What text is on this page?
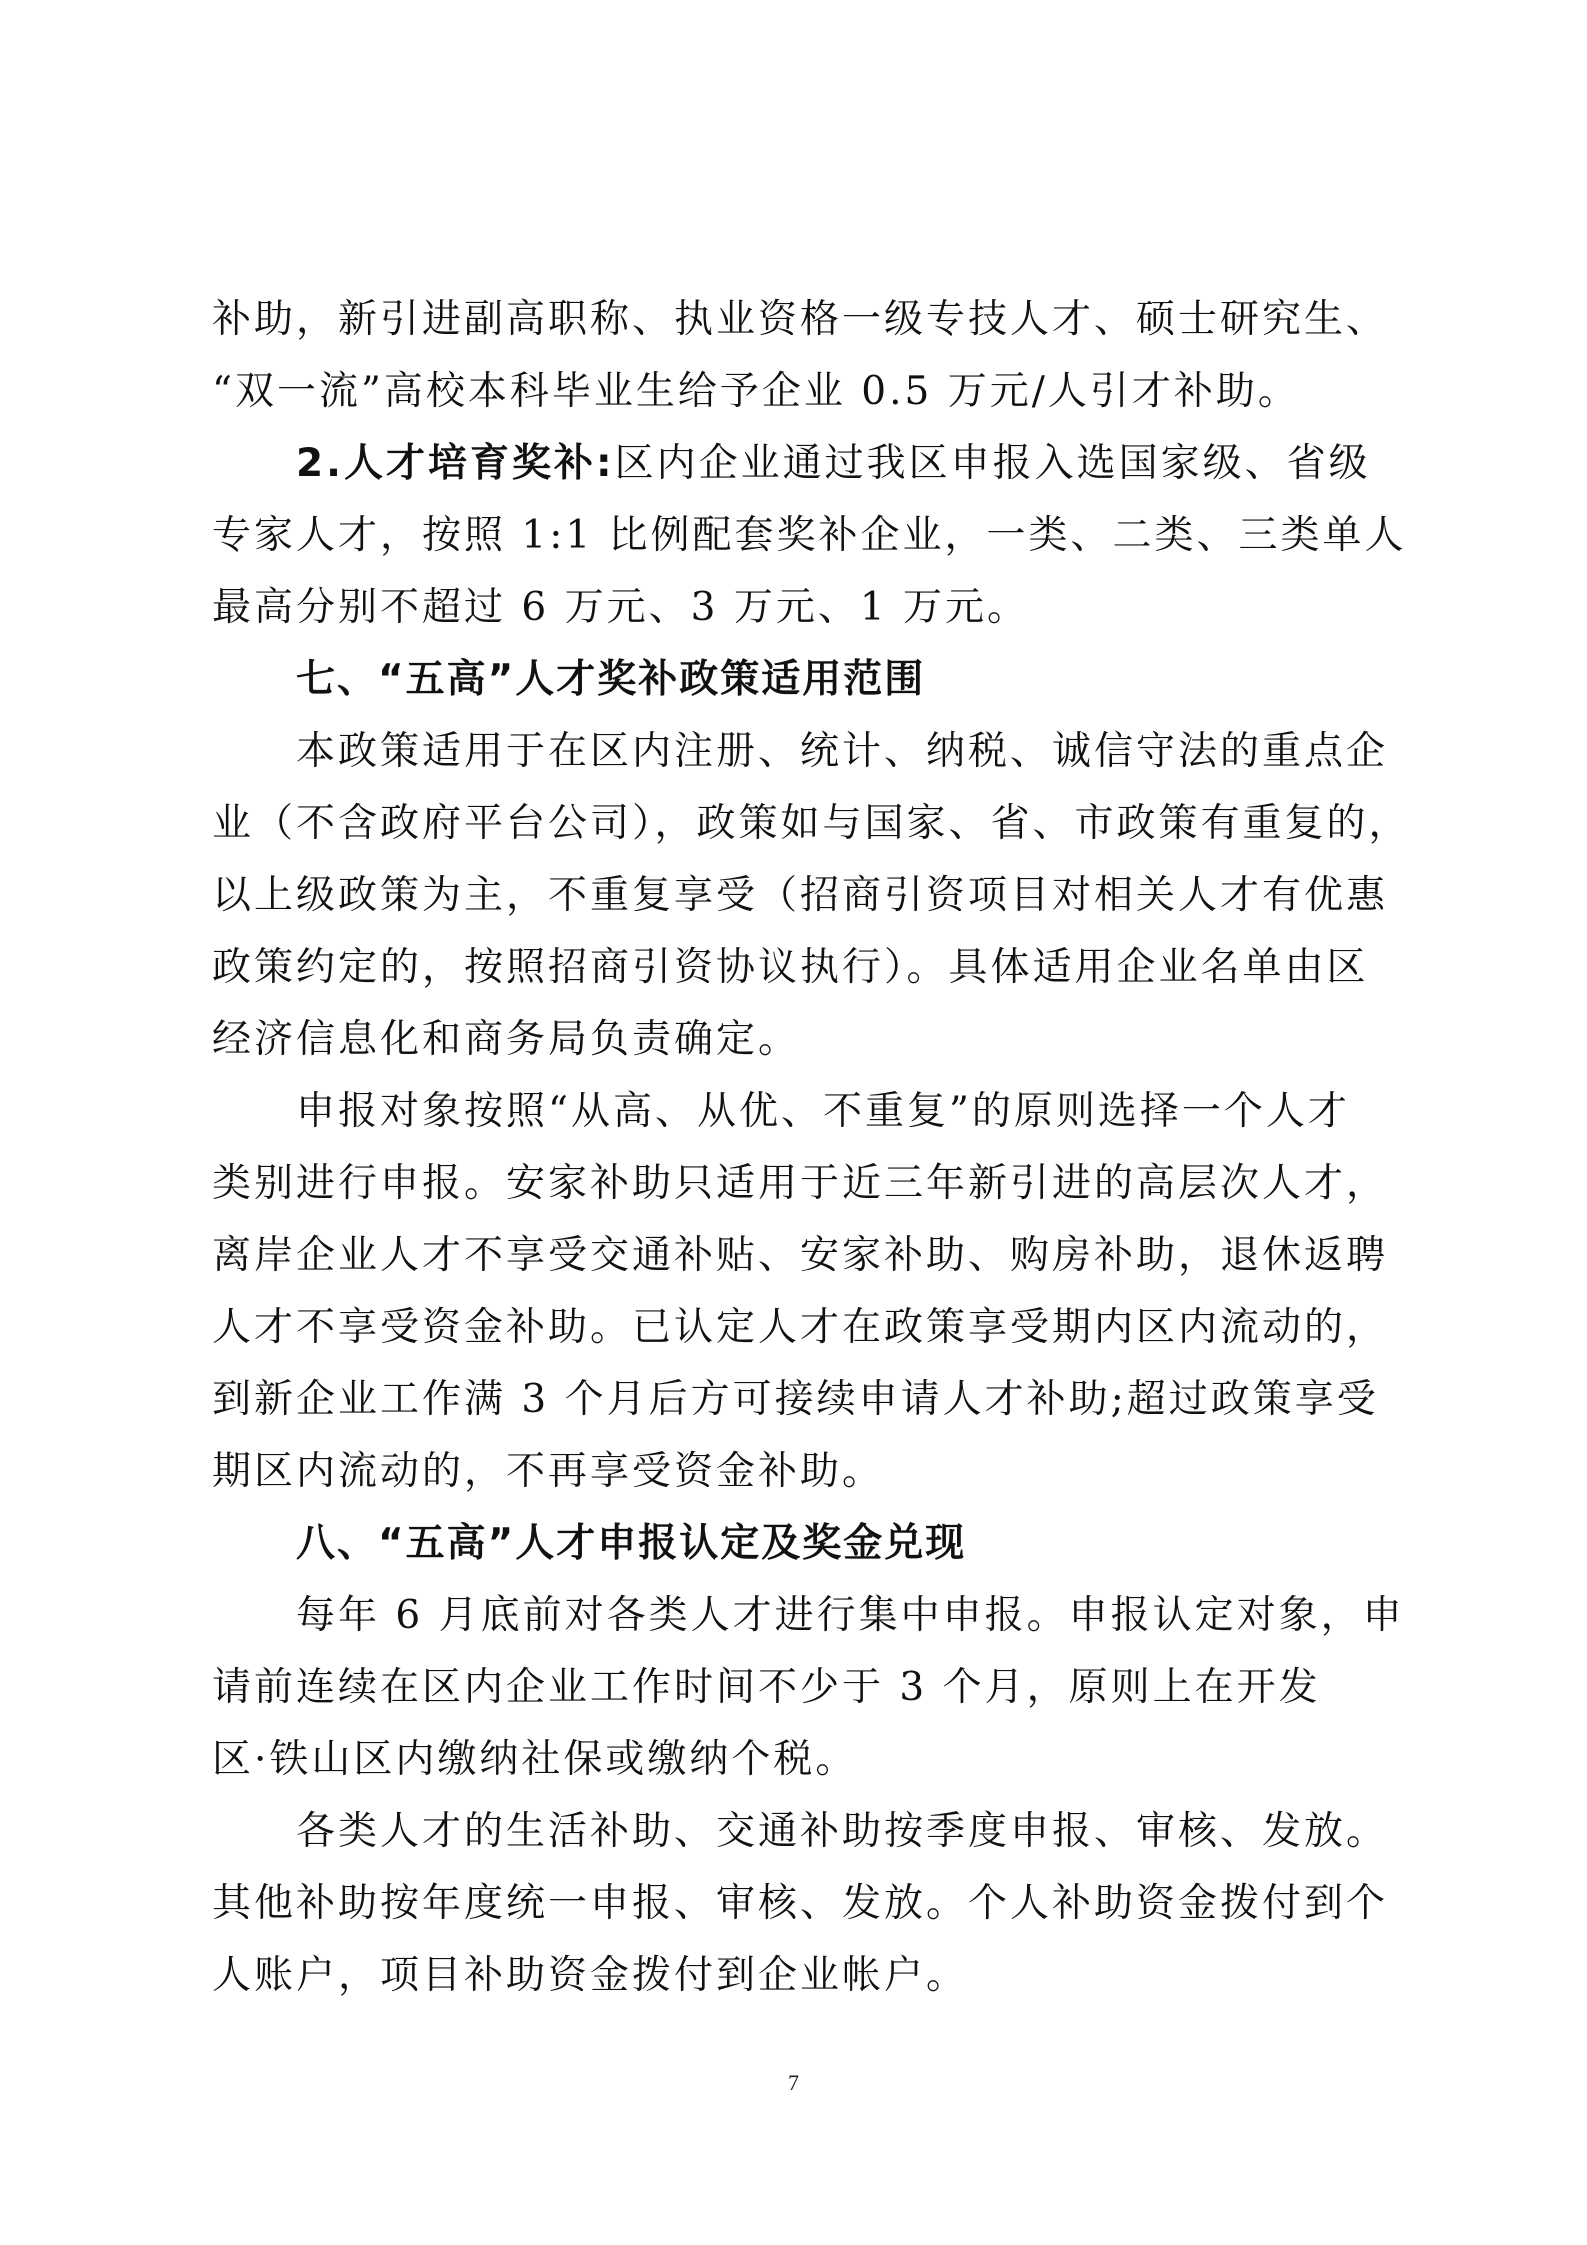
补助，新引进副高职称、执业资格一级专技人才、硕士研究生、
“双一流”高校本科毕业生给予企业 0.5 万元/人引才补助。
2.人才培育奖补:区内企业通过我区申报入选国家级、省级
专家人才，按照 1:1 比例配套奖补企业，一类、二类、三类单人
最高分别不超过 6 万元、3 万元、1 万元。
七、“五高”人才奖补政策适用范围
本政策适用于在区内注册、统计、纳税、诚信守法的重点企
业（不含政府平台公司），政策如与国家、省、市政策有重复的，
以上级政策为主，不重复享受（招商引资项目对相关人才有优惠
政策约定的，按照招商引资协议执行）。具体适用企业名单由区
经济信息化和商务局负责确定。
申报对象按照“从高、从优、不重复”的原则选择一个人才
类别进行申报。安家补助只适用于近三年新引进的高层次人才，
离岸企业人才不享受交通补贴、安家补助、购房补助，退休返聘
人才不享受资金补助。已认定人才在政策享受期内区内流动的，
到新企业工作满 3 个月后方可接续申请人才补助;超过政策享受
期区内流动的，不再享受资金补助。
八、“五高”人才申报认定及奖金兑现
每年 6 月底前对各类人才进行集中申报。申报认定对象，申
请前连续在区内企业工作时间不少于 3 个月，原则上在开发
区·铁山区内缴纳社保或缴纳个税。
各类人才的生活补助、交通补助按季度申报、审核、发放。
其他补助按年度统一申报、审核、发放。个人补助资金拨付到个
人账户，项目补助资金拨付到企业帐户。
7
